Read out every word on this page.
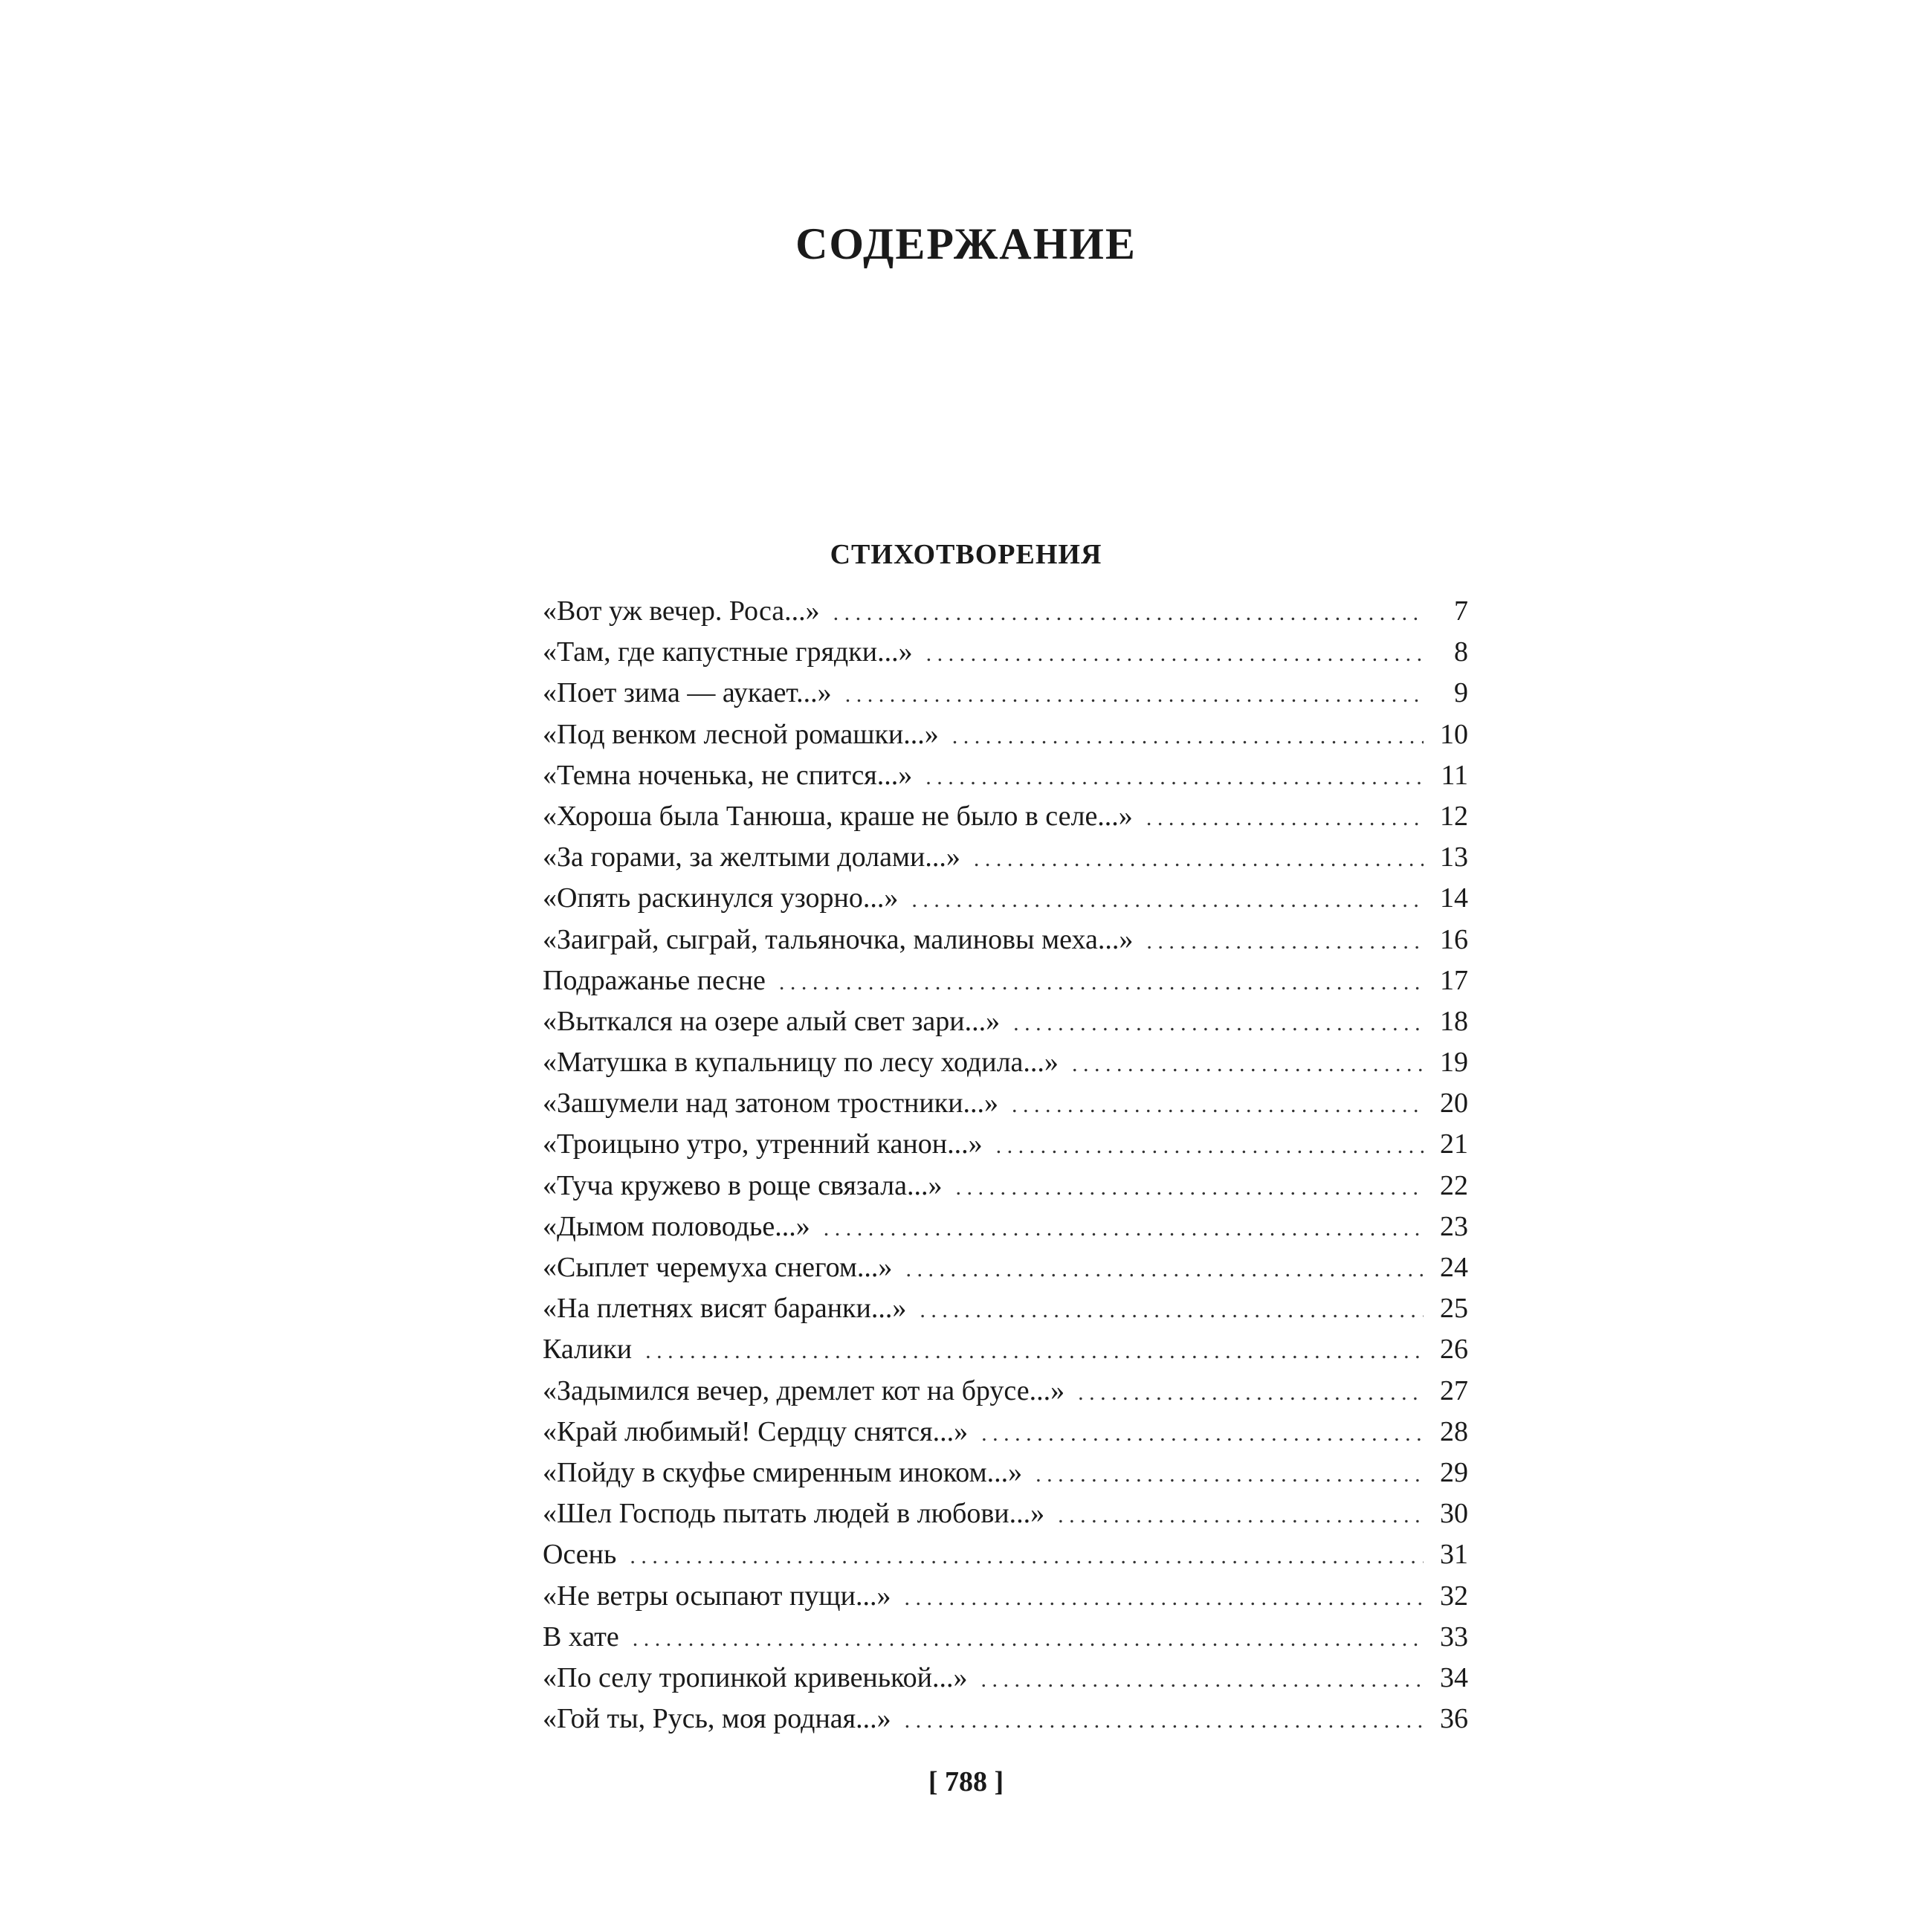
СОДЕРЖАНИЕ
СТИХОТВОРЕНИЯ
«Вот уж вечер. Роса...» . . .	7
«Там, где капустные грядки...» . . .	8
«Поет зима — аукает...» . . .	9
«Под венком лесной ромашки...» . . .	10
«Темна ноченька, не спится...» . . .	11
«Хороша была Танюша, краше не было в селе...» . . .	12
«За горами, за желтыми долами...» . . .	13
«Опять раскинулся узорно...» . . .	14
«Заиграй, сыграй, тальяночка, малиновы меха...» . . .	16
Подражанье песне . . .	17
«Выткался на озере алый свет зари...» . . .	18
«Матушка в купальницу по лесу ходила...» . . .	19
«Зашумели над затоном тростники...» . . .	20
«Троицыно утро, утренний канон...» . . .	21
«Туча кружево в роще связала...» . . .	22
«Дымом половодье...» . . .	23
«Сыплет черемуха снегом...» . . .	24
«На плетнях висят баранки...» . . .	25
Калики . . .	26
«Задымился вечер, дремлет кот на брусе...» . . .	27
«Край любимый! Сердцу снятся...» . . .	28
«Пойду в скуфье смиренным иноком...» . . .	29
«Шел Господь пытать людей в любови...» . . .	30
Осень . . .	31
«Не ветры осыпают пущи...» . . .	32
В хате . . .	33
«По селу тропинкой кривенькой...» . . .	34
«Гой ты, Русь, моя родная...» . . .	36
[ 788 ]
